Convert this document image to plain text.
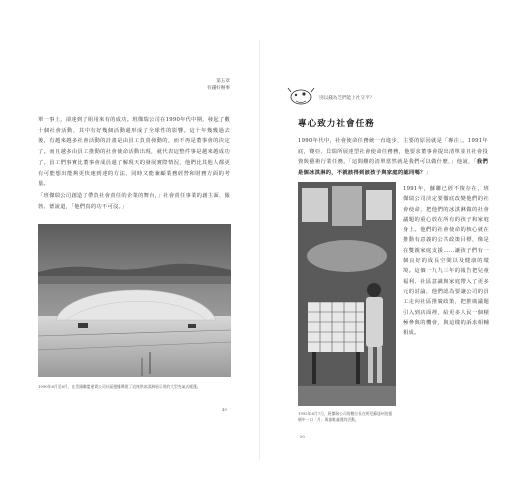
第五章
有錢好辦事

單一事上，卻達到了組用來有的成功。班傑瑞公司在1990年代中期，發起了數十個社會活動，其中有好幾個活動還形成了全球性的影響。這十年幾幾過去後，有越來越多社會活動的計畫是由員工負責發動的，而不再是董事會的決定了。而且越多由員工推動的社會使命活動出現，就代表這整件事是越來越成功了。員工們事實比董事會成員還了解現天的發展實際情況，他們比其他人都更有可能想出能夠更快速到達的方法，同時又能兼顧業務經營和財務方面的考量。

「班傑瑞公司創造了帶負社會責任的企業的舞台，」社會責任事業的創主面、羅勃、德說道，「他們真的功不可沒。」

1990年6月至8月，在美國聯盟運貨公司社區邊緣興建了這座供冰淇淋展示用的大型充氣式帳篷。
49
別以錢為芝們能上社交平？
專心致力社會任務

1990年代中，社會使命任務統一直進步，主要的原因就是「專注」。1991年底，賽亞、貝瑞所展達型社會使命任務務，他要求董事會提出清單並且社會投資與藝術行業任務。「這間難的清單當然就是我們可以做什麼，」他說，「我們是個冰淇淋的，不就該得到該孩子與家庭的認同嗎？」

1992年6月7日，班傑瑞公司的數位長在明尼蘇達州伯靈頓中一口「月」與童鞋義賣的活動。

1991年，蘇聯已經不復存在，班傑瑞公司決定要徹底改變他們的社會使命，把他們的冰淇淋做的社會議題的重心放在所有的孩子和家庭身上。他們的社會使命的核心就在推動有意義的公共政策目標，像是在雙親家庭支援……讓孩子們有一個良好的成長空間以及健康的環境。這個一九九三年的報告把兒童福利、社區意識與家庭帶入了更多元的討論，他們認為要讓公司的員工走向社區推廣政策，把推廣議題引入到店面裡，給更多人民一個積極參與的機會，與這樣的訴求相輔相成。

50
